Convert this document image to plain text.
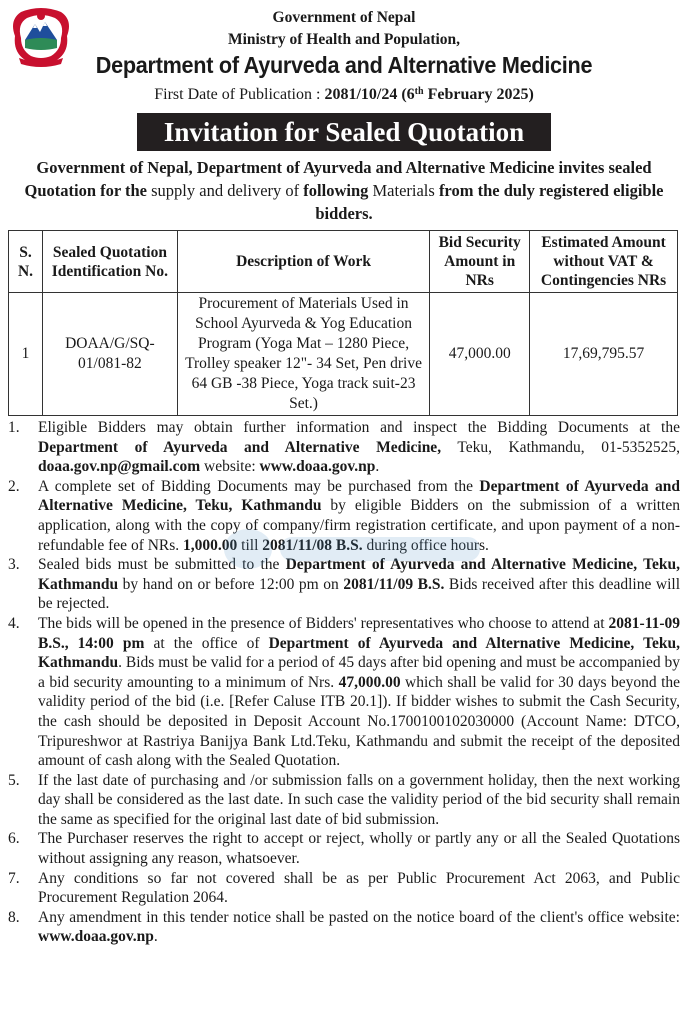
Government of Nepal
Ministry of Health and Population,
Department of Ayurveda and Alternative Medicine
First Date of Publication : 2081/10/24 (6th February 2025)
Invitation for Sealed Quotation
Government of Nepal, Department of Ayurveda and Alternative Medicine invites sealed Quotation for the supply and delivery of following Materials from the duly registered eligible bidders.
S. N.	Sealed Quotation Identification No.	Description of Work	Bid Security Amount in NRs	Estimated Amount without VAT & Contingencies NRs
1	DOAA/G/SQ-01/081-82	Procurement of Materials Used in School Ayurveda & Yog Education Program (Yoga Mat – 1280 Piece, Trolley speaker 12"- 34 Set, Pen drive 64 GB -38 Piece, Yoga track suit-23 Set.)	47,000.00	17,69,795.57
1.	Eligible Bidders may obtain further information and inspect the Bidding Documents at the Department of Ayurveda and Alternative Medicine, Teku, Kathmandu, 01-5352525, doaa.gov.np@gmail.com website: www.doaa.gov.np.
2.	A complete set of Bidding Documents may be purchased from the Department of Ayurveda and Alternative Medicine, Teku, Kathmandu by eligible Bidders on the submission of a written application, along with the copy of company/firm registration certificate, and upon payment of a non-refundable fee of NRs. 1,000.00 till 2081/11/08 B.S. during office hours.
3.	Sealed bids must be submitted to the Department of Ayurveda and Alternative Medicine, Teku, Kathmandu by hand on or before 12:00 pm on 2081/11/09 B.S. Bids received after this deadline will be rejected.
4.	The bids will be opened in the presence of Bidders' representatives who choose to attend at 2081-11-09 B.S., 14:00 pm at the office of Department of Ayurveda and Alternative Medicine, Teku, Kathmandu. Bids must be valid for a period of 45 days after bid opening and must be accompanied by a bid security amounting to a minimum of Nrs. 47,000.00 which shall be valid for 30 days beyond the validity period of the bid (i.e. [Refer Caluse ITB 20.1]). If bidder wishes to submit the Cash Security, the cash should be deposited in Deposit Account No.1700100102030000 (Account Name: DTCO, Tripureshwor at Rastriya Banijya Bank Ltd.Teku, Kathmandu and submit the receipt of the deposited amount of cash along with the Sealed Quotation.
5.	If the last date of purchasing and /or submission falls on a government holiday, then the next working day shall be considered as the last date. In such case the validity period of the bid security shall remain the same as specified for the original last date of bid submission.
6.	The Purchaser reserves the right to accept or reject, wholly or partly any or all the Sealed Quotations without assigning any reason, whatsoever.
7.	Any conditions so far not covered shall be as per Public Procurement Act 2063, and Public Procurement Regulation 2064.
8.	Any amendment in this tender notice shall be pasted on the notice board of the client's office website: www.doaa.gov.np.
